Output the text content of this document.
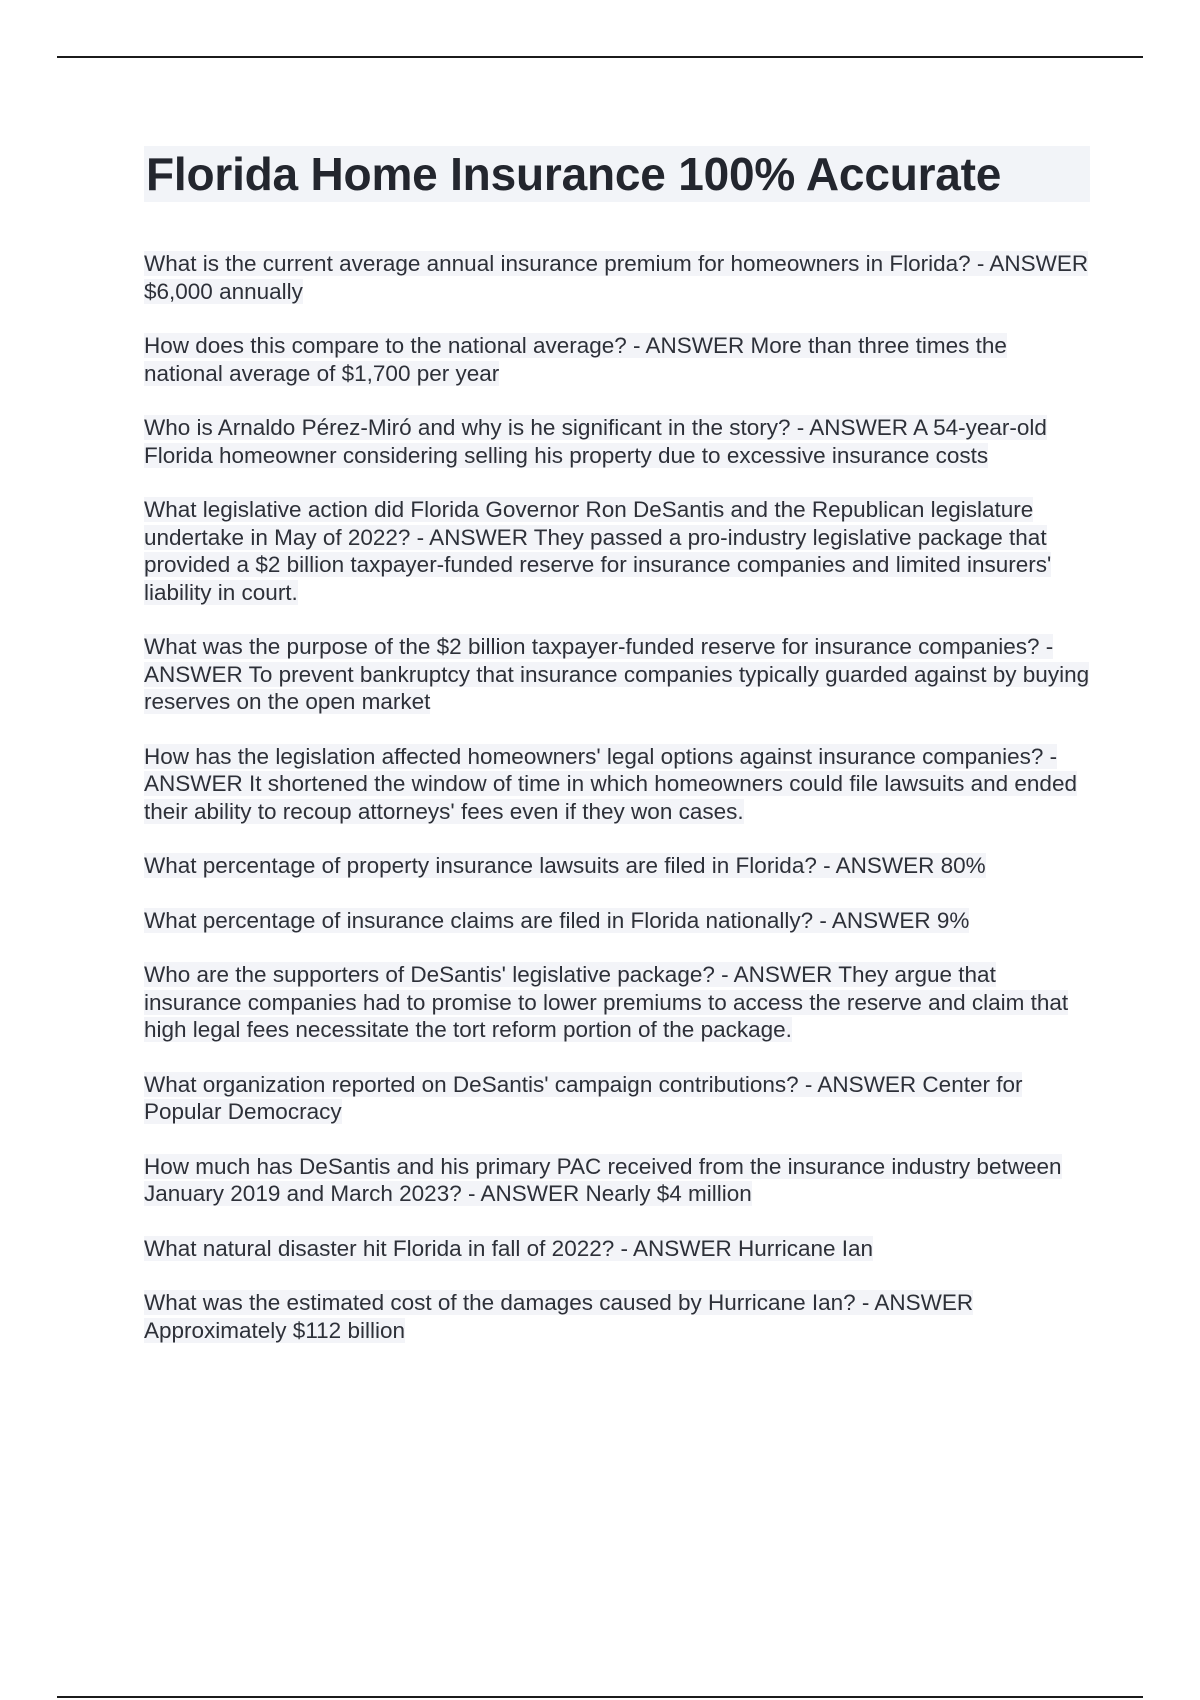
Florida Home Insurance 100% Accurate

What is the current average annual insurance premium for homeowners in Florida? - ANSWER $6,000 annually

How does this compare to the national average? - ANSWER More than three times the national average of $1,700 per year

Who is Arnaldo Pérez-Miró and why is he significant in the story? - ANSWER A 54-year-old Florida homeowner considering selling his property due to excessive insurance costs

What legislative action did Florida Governor Ron DeSantis and the Republican legislature undertake in May of 2022? - ANSWER They passed a pro-industry legislative package that provided a $2 billion taxpayer-funded reserve for insurance companies and limited insurers' liability in court.

What was the purpose of the $2 billion taxpayer-funded reserve for insurance companies? - ANSWER To prevent bankruptcy that insurance companies typically guarded against by buying reserves on the open market

How has the legislation affected homeowners' legal options against insurance companies? - ANSWER It shortened the window of time in which homeowners could file lawsuits and ended their ability to recoup attorneys' fees even if they won cases.

What percentage of property insurance lawsuits are filed in Florida? - ANSWER 80%

What percentage of insurance claims are filed in Florida nationally? - ANSWER 9%

Who are the supporters of DeSantis' legislative package? - ANSWER They argue that insurance companies had to promise to lower premiums to access the reserve and claim that high legal fees necessitate the tort reform portion of the package.

What organization reported on DeSantis' campaign contributions? - ANSWER Center for Popular Democracy

How much has DeSantis and his primary PAC received from the insurance industry between January 2019 and March 2023? - ANSWER Nearly $4 million

What natural disaster hit Florida in fall of 2022? - ANSWER Hurricane Ian

What was the estimated cost of the damages caused by Hurricane Ian? - ANSWER Approximately $112 billion
